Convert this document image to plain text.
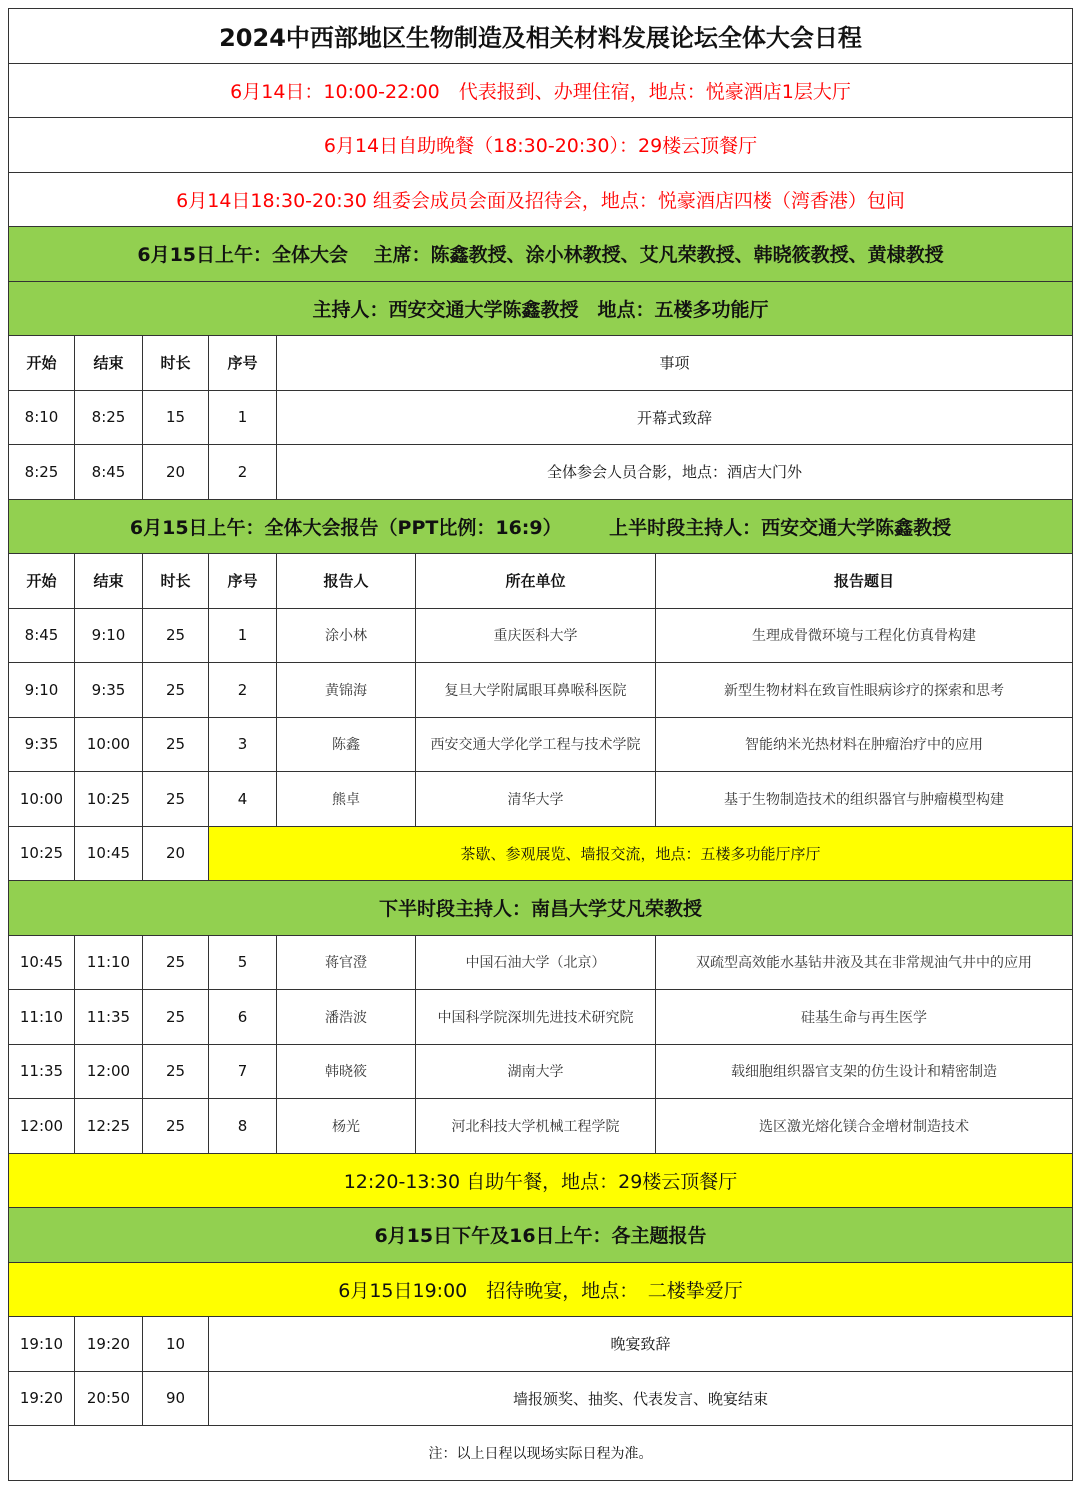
2024中西部地区生物制造及相关材料发展论坛全体大会日程						
6月14日：10:00-22:00　代表报到、办理住宿，地点：悦豪酒店1层大厅						
6月14日自助晚餐（18:30-20:30）：29楼云顶餐厅						
6月14日18:30-20:30 组委会成员会面及招待会，地点：悦豪酒店四楼（湾香港）包间						
6月15日上午：全体大会　 主席：陈鑫教授、涂小林教授、艾凡荣教授、韩晓筱教授、黄棣教授						
主持人：西安交通大学陈鑫教授　地点：五楼多功能厅						
开始	结束	时长	序号	事项		
8:10	8:25	15	1	开幕式致辞		
8:25	8:45	20	2	全体参会人员合影，地点：酒店大门外		
6月15日上午：全体大会报告（PPT比例：16:9）　　　上半时段主持人：西安交通大学陈鑫教授						
开始	结束	时长	序号	报告人	所在单位	报告题目
8:45	9:10	25	1	涂小林	重庆医科大学	生理成骨微环境与工程化仿真骨构建
9:10	9:35	25	2	黄锦海	复旦大学附属眼耳鼻喉科医院	新型生物材料在致盲性眼病诊疗的探索和思考
9:35	10:00	25	3	陈鑫	西安交通大学化学工程与技术学院	智能纳米光热材料在肿瘤治疗中的应用
10:00	10:25	25	4	熊卓	清华大学	基于生物制造技术的组织器官与肿瘤模型构建
10:25	10:45	20	茶歇、参观展览、墙报交流，地点：五楼多功能厅序厅			
下半时段主持人：南昌大学艾凡荣教授						
10:45	11:10	25	5	蒋官澄	中国石油大学（北京）	双疏型高效能水基钻井液及其在非常规油气井中的应用
11:10	11:35	25	6	潘浩波	中国科学院深圳先进技术研究院	硅基生命与再生医学
11:35	12:00	25	7	韩晓筱	湖南大学	载细胞组织器官支架的仿生设计和精密制造
12:00	12:25	25	8	杨光	河北科技大学机械工程学院	选区激光熔化镁合金增材制造技术
12:20-13:30 自助午餐，地点：29楼云顶餐厅						
6月15日下午及16日上午：各主题报告						
6月15日19:00　招待晚宴，地点：　二楼挚爱厅						
19:10	19:20	10	晚宴致辞			
19:20	20:50	90	墙报颁奖、抽奖、代表发言、晚宴结束			
注：以上日程以现场实际日程为准。						
